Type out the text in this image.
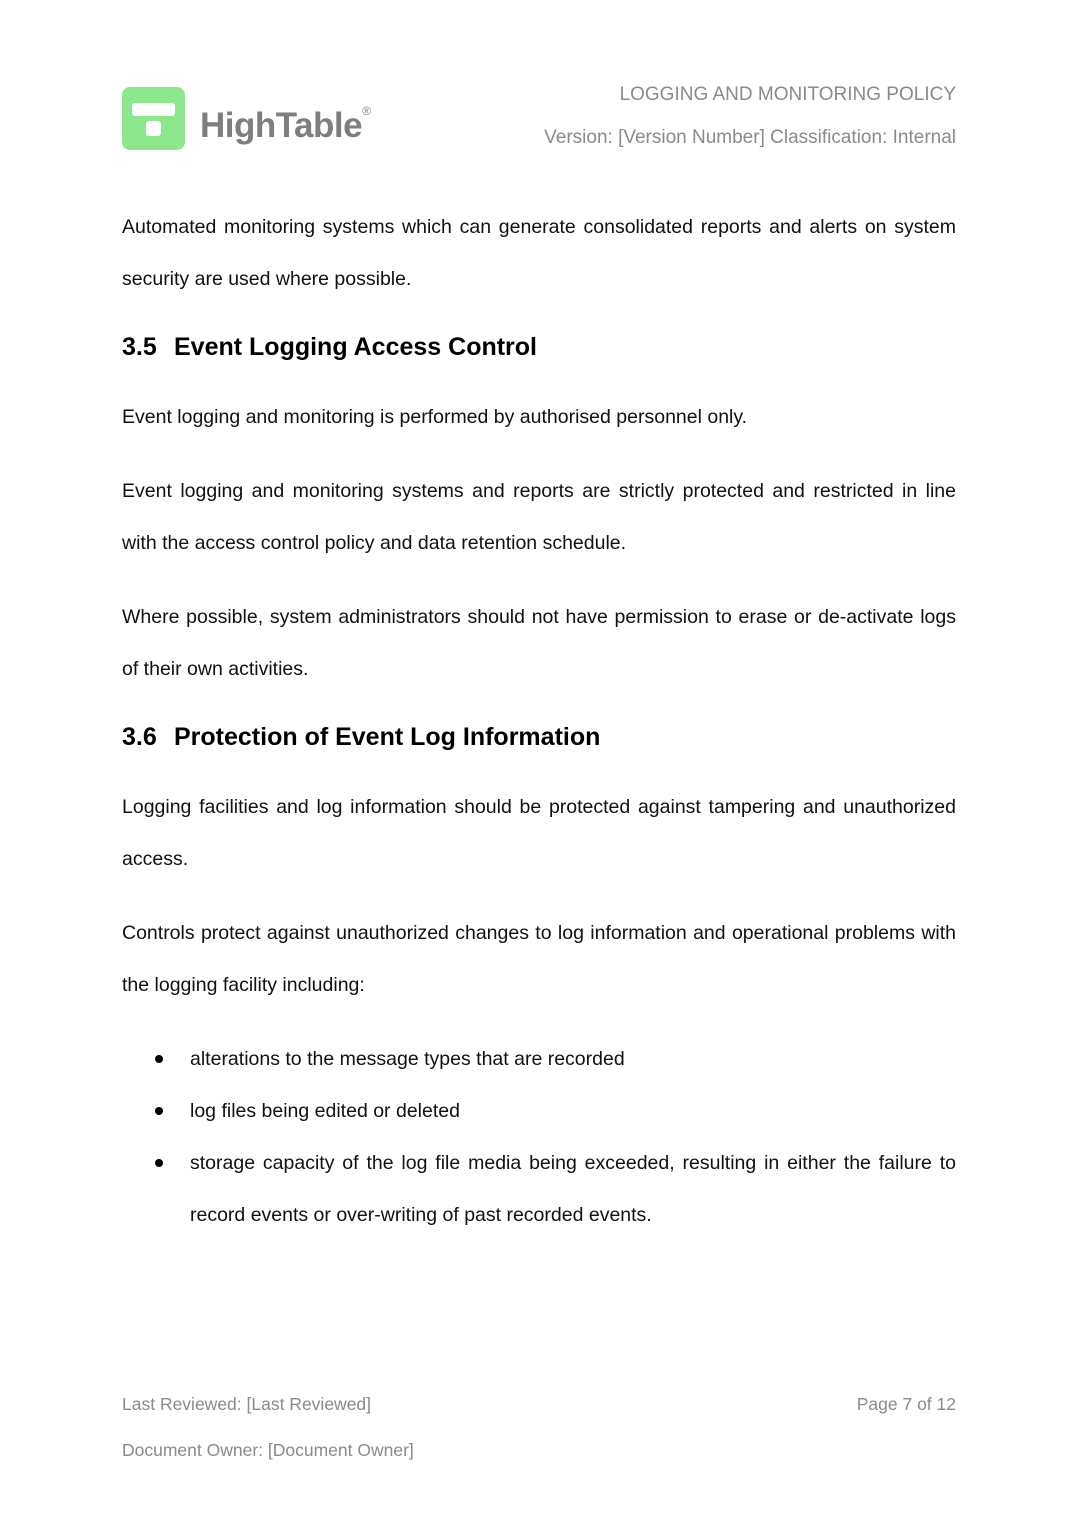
HighTable®
LOGGING AND MONITORING POLICY
Version: [Version Number] Classification: Internal

Automated monitoring systems which can generate consolidated reports and alerts on system security are used where possible.

3.5 Event Logging Access Control

Event logging and monitoring is performed by authorised personnel only.

Event logging and monitoring systems and reports are strictly protected and restricted in line with the access control policy and data retention schedule.

Where possible, system administrators should not have permission to erase or de-activate logs of their own activities.

3.6 Protection of Event Log Information

Logging facilities and log information should be protected against tampering and unauthorized access.

Controls protect against unauthorized changes to log information and operational problems with the logging facility including:

alterations to the message types that are recorded
log files being edited or deleted
storage capacity of the log file media being exceeded, resulting in either the failure to record events or over-writing of past recorded events.
Last Reviewed: [Last Reviewed]	Page 7 of 12
Document Owner: [Document Owner]
